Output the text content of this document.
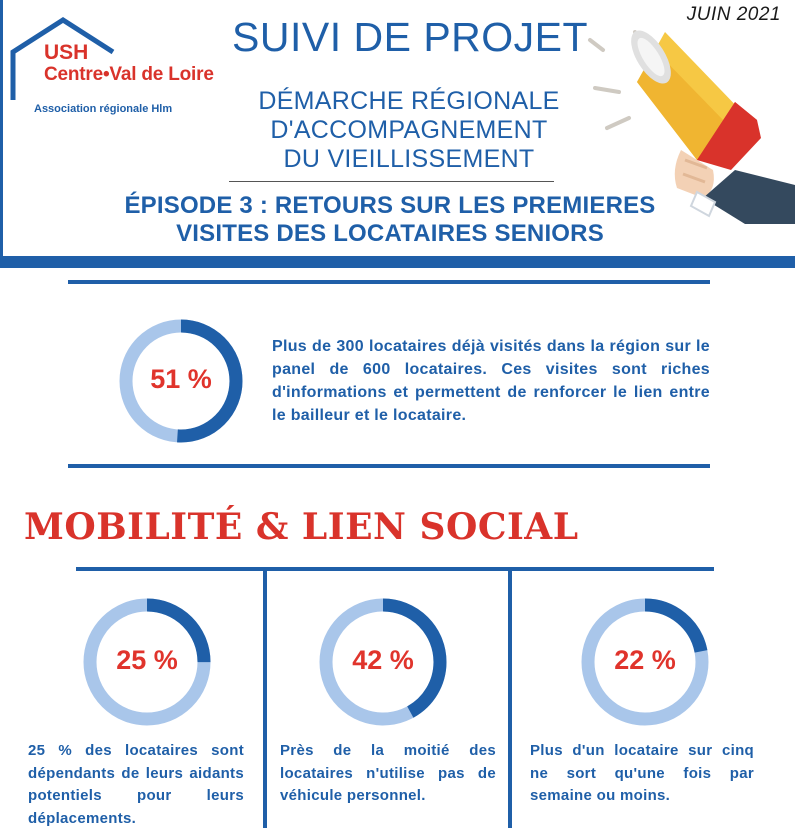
JUIN 2021
USH
Centre•Val de Loire
Association régionale Hlm
SUIVI DE PROJET
DÉMARCHE RÉGIONALE
D'ACCOMPAGNEMENT
DU VIEILLISSEMENT
ÉPISODE 3 : RETOURS SUR LES PREMIERES
VISITES DES LOCATAIRES SENIORS
51 %
Plus de 300 locataires déjà visités dans la région sur le panel de 600 locataires. Ces visites sont riches d'informations et permettent de renforcer le lien entre le bailleur et le locataire.
MOBILITÉ & LIEN SOCIAL
25 %
25 % des locataires sont dépendants de leurs aidants potentiels pour leurs déplacements.
42 %
Près de la moitié des locataires n'utilise pas de véhicule personnel.
22 %
Plus d'un locataire sur cinq ne sort qu'une fois par semaine ou moins.
